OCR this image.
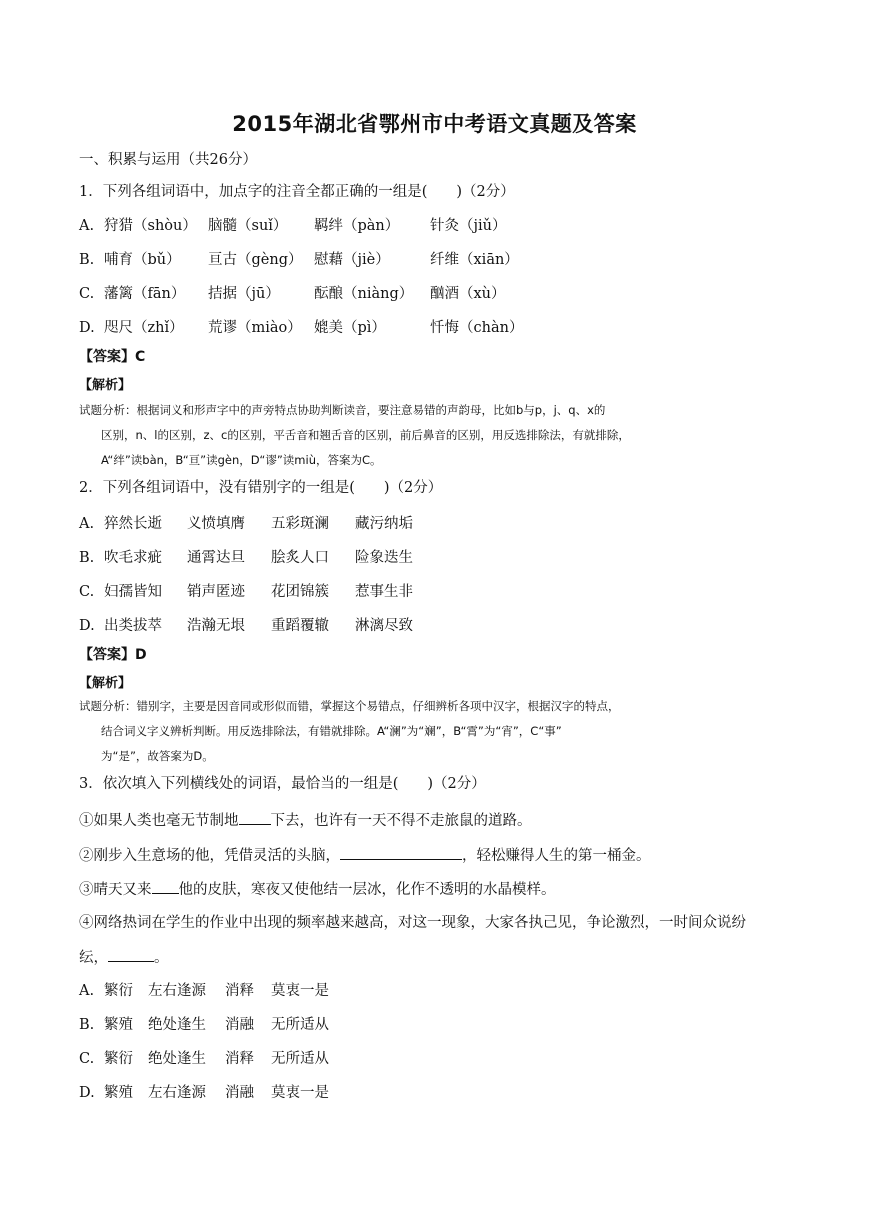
2015年湖北省鄂州市中考语文真题及答案
一、积累与运用（共26分）
1．下列各组词语中，加点字的注音全都正确的一组是(　　)（2分）
A. 狩猎（shòu） 脑髓（suǐ） 羁绊（pàn） 针灸（jiǔ）
B. 哺育（bǔ） 亘古（gèng） 慰藉（jiè）	纤维（xiān）
C. 藩篱（fān） 拮据（jū） 酝酿（niàng） 酗酒（xù）
D. 咫尺（zhǐ） 荒谬（miào） 媲美（pì）	忏悔（chàn）
【答案】C
【解析】
试题分析：根据词义和形声字中的声旁特点协助判断读音，要注意易错的声韵母，比如b与p，j、q、x的
区别，n、l的区别，z、c的区别，平舌音和翘舌音的区别，前后鼻音的区别，用反选排除法，有就排除，
A“绊”读bàn，B“亘”读gèn，D“谬”读miù，答案为C。
2．下列各组词语中，没有错别字的一组是(　　)（2分）
A. 猝然长逝 义愤填膺 五彩斑澜 藏污纳垢
B. 吹毛求疵 通霄达旦 脍炙人口 险象迭生
C. 妇孺皆知 销声匿迹 花团锦簇 惹事生非
D. 出类拔萃 浩瀚无垠 重蹈覆辙 淋漓尽致
【答案】D
【解析】
试题分析：错别字，主要是因音同或形似而错，掌握这个易错点，仔细辨析各项中汉字，根据汉字的特点，
结合词义字义辨析判断。用反选排除法，有错就排除。A“澜”为“斓”，B“霄”为“宵”，C“事”
为“是”，故答案为D。
3．依次填入下列横线处的词语，最恰当的一组是(　　)（2分）
①如果人类也毫无节制地 下去，也许有一天不得不走旅鼠的道路。
②刚步入生意场的他，凭借灵活的头脑，	，轻松赚得人生的第一桶金。
③晴天又来 他的皮肤，寒夜又使他结一层冰，化作不透明的水晶模样。
④网络热词在学生的作业中出现的频率越来越高，对这一现象，大家各执己见，争论激烈，一时间众说纷
纭，	。
A. 繁衍 左右逢源 消释 莫衷一是
B. 繁殖 绝处逢生 消融 无所适从
C. 繁衍 绝处逢生 消释 无所适从
D. 繁殖 左右逢源 消融 莫衷一是
